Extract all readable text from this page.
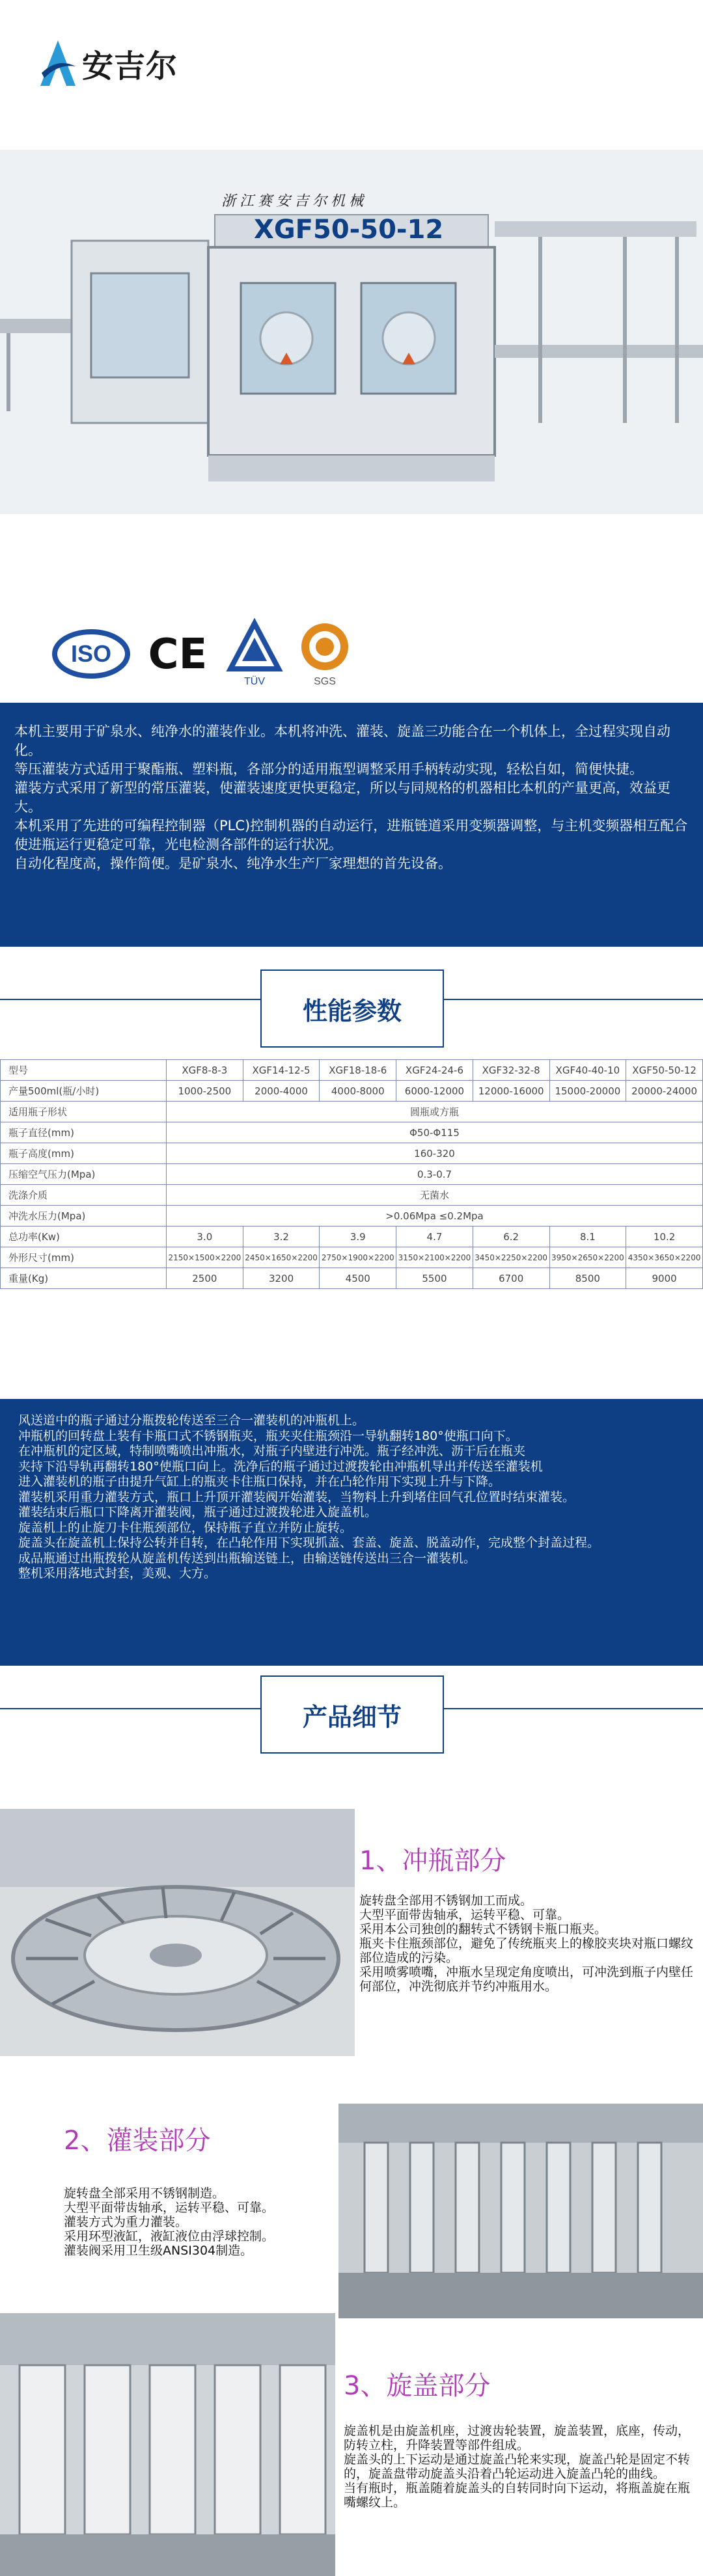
安吉尔
浙江赛安吉尔机械
XGF50-50-12
ISO CE
TÜV	SGS

本机主要用于矿泉水、纯净水的灌装作业。本机将冲洗、灌装、旋盖三功能合在一个机体上，全过程实现自动化。

等压灌装方式适用于聚酯瓶、塑料瓶，各部分的适用瓶型调整采用手柄转动实现，轻松自如，简便快捷。

灌装方式采用了新型的常压灌装，使灌装速度更快更稳定，所以与同规格的机器相比本机的产量更高，效益更大。

本机采用了先进的可编程控制器（PLC)控制机器的自动运行，进瓶链道采用变频器调整，与主机变频器相互配合使进瓶运行更稳定可靠，光电检测各部件的运行状况。

自动化程度高，操作简便。是矿泉水、纯净水生产厂家理想的首先设备。

性能参数
型号	XGF8-8-3	XGF14-12-5	XGF18-18-6	XGF24-24-6	XGF32-32-8	XGF40-40-10	XGF50-50-12
产量500ml(瓶/小时)	1000-2500	2000-4000	4000-8000	6000-12000	12000-16000	15000-20000	20000-24000
适用瓶子形状	圆瓶或方瓶						
瓶子直径(mm)	Φ50-Φ115						
瓶子高度(mm)	160-320						
压缩空气压力(Mpa)	0.3-0.7						
洗涤介质	无菌水						
冲洗水压力(Mpa)	>0.06Mpa ≤0.2Mpa						
总功率(Kw)	3.0	3.2	3.9	4.7	6.2	8.1	10.2
外形尺寸(mm)	2150×1500×2200	2450×1650×2200	2750×1900×2200	3150×2100×2200	3450×2250×2200	3950×2650×2200	4350×3650×2200
重量(Kg)	2500	3200	4500	5500	6700	8500	9000

风送道中的瓶子通过分瓶拨轮传送至三合一灌装机的冲瓶机上。

冲瓶机的回转盘上装有卡瓶口式不锈钢瓶夹，瓶夹夹住瓶颈沿一导轨翻转180°使瓶口向下。

在冲瓶机的定区域，特制喷嘴喷出冲瓶水，对瓶子内壁进行冲洗。瓶子经冲洗、沥干后在瓶夹

夹持下沿导轨再翻转180°使瓶口向上。洗净后的瓶子通过过渡拨轮由冲瓶机导出并传送至灌装机

进入灌装机的瓶子由提升气缸上的瓶夹卡住瓶口保持，并在凸轮作用下实现上升与下降。

灌装机采用重力灌装方式，瓶口上升顶开灌装阀开始灌装，当物料上升到堵住回气孔位置时结束灌装。

灌装结束后瓶口下降离开灌装阀，瓶子通过过渡拨轮进入旋盖机。

旋盖机上的止旋刀卡住瓶颈部位，保持瓶子直立并防止旋转。

旋盖头在旋盖机上保持公转并自转，在凸轮作用下实现抓盖、套盖、旋盖、脱盖动作，完成整个封盖过程。

成品瓶通过出瓶拨轮从旋盖机传送到出瓶输送链上，由输送链传送出三合一灌装机。

整机采用落地式封套，美观、大方。

产品细节
1、冲瓶部分

旋转盘全部用不锈钢加工而成。

大型平面带齿轴承，运转平稳、可靠。

采用本公司独创的翻转式不锈钢卡瓶口瓶夹。

瓶夹卡住瓶颈部位，避免了传统瓶夹上的橡胶夹块对瓶口螺纹部位造成的污染。

采用喷雾喷嘴，冲瓶水呈现定角度喷出，可冲洗到瓶子内壁任何部位，冲洗彻底并节约冲瓶用水。

2、灌装部分

旋转盘全部采用不锈钢制造。

大型平面带齿轴承，运转平稳、可靠。

灌装方式为重力灌装。

采用环型液缸，液缸液位由浮球控制。

灌装阀采用卫生级ANSI304制造。

3、旋盖部分

旋盖机是由旋盖机座，过渡齿轮装置，旋盖装置，底座，传动，防转立柱，升降装置等部件组成。

旋盖头的上下运动是通过旋盖凸轮来实现，旋盖凸轮是固定不转的，旋盖盘带动旋盖头沿着凸轮运动进入旋盖凸轮的曲线。

当有瓶时，瓶盖随着旋盖头的自转同时向下运动，将瓶盖旋在瓶嘴螺纹上。
